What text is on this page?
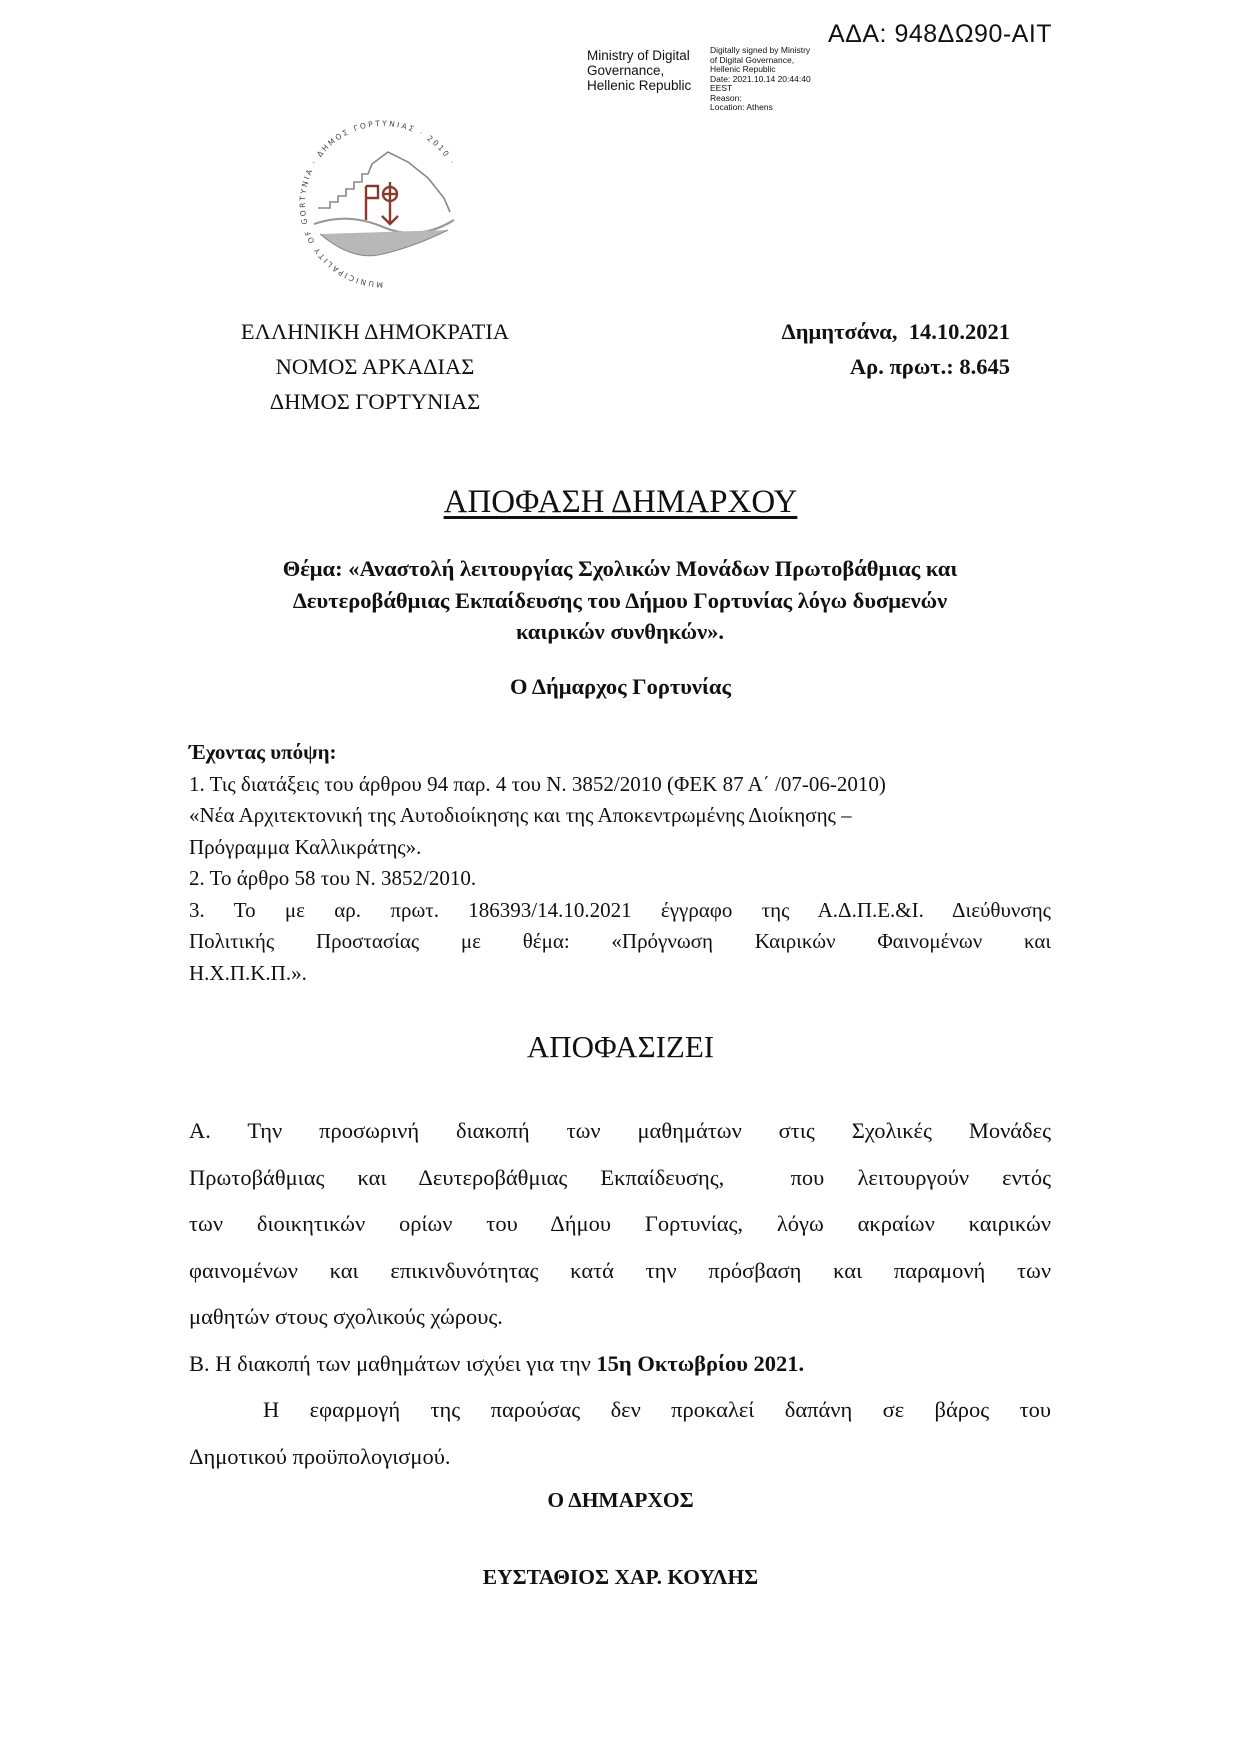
ΑΔΑ: 948ΔΩ90-ΑΙΤ
Ministry of Digital
Governance,
Hellenic Republic
Digitally signed by Ministry
of Digital Governance,
Hellenic Republic
Date: 2021.10.14 20:44:40
EEST
Reason:
Location: Athens
MUNICIPALITY OF GORTYNIA · ΔΗΜΟΣ ΓΟΡΤΥΝΙΑΣ · 2010 ·
ΕΛΛΗΝΙΚΗ ΔΗΜΟΚΡΑΤΙΑ
ΝΟΜΟΣ ΑΡΚΑΔΙΑΣ
ΔΗΜΟΣ ΓΟΡΤΥΝΙΑΣ
Δημητσάνα,  14.10.2021
Αρ. πρωτ.: 8.645
ΑΠΟΦΑΣΗ ΔΗΜΑΡΧΟΥ
Θέμα: «Αναστολή λειτουργίας Σχολικών Μονάδων Πρωτοβάθμιας και
Δευτεροβάθμιας Εκπαίδευσης του Δήμου Γορτυνίας λόγω δυσμενών
καιρικών συνθηκών».
Ο Δήμαρχος Γορτυνίας
Έχοντας υπόψη:
1. Τις διατάξεις του άρθρου 94 παρ. 4 του Ν. 3852/2010 (ΦΕΚ 87 Α΄ /07-06-2010)
«Νέα Αρχιτεκτονική της Αυτοδιοίκησης και της Αποκεντρωμένης Διοίκησης –
Πρόγραμμα Καλλικράτης».
2. Το άρθρο 58 του Ν. 3852/2010.
3. Το με αρ. πρωτ. 186393/14.10.2021 έγγραφο της Α.Δ.Π.Ε.&Ι. Διεύθυνσης
Πολιτικής Προστασίας με θέμα: «Πρόγνωση Καιρικών Φαινομένων και
Η.Χ.Π.Κ.Π.».
ΑΠΟΦΑΣΙΖΕΙ
Α. Την προσωρινή διακοπή των μαθημάτων στις Σχολικές Μονάδες
Πρωτοβάθμιας και Δευτεροβάθμιας Εκπαίδευσης,  που λειτουργούν εντός
των διοικητικών ορίων του Δήμου Γορτυνίας, λόγω ακραίων καιρικών
φαινομένων και επικινδυνότητας κατά την πρόσβαση και παραμονή των
μαθητών στους σχολικούς χώρους.
Β. Η διακοπή των μαθημάτων ισχύει για την 15η Οκτωβρίου 2021.
Η εφαρμογή της παρούσας δεν προκαλεί δαπάνη σε βάρος του
Δημοτικού προϋπολογισμού.
Ο ΔΗΜΑΡΧΟΣ
ΕΥΣΤΑΘΙΟΣ ΧΑΡ. ΚΟΥΛΗΣ
